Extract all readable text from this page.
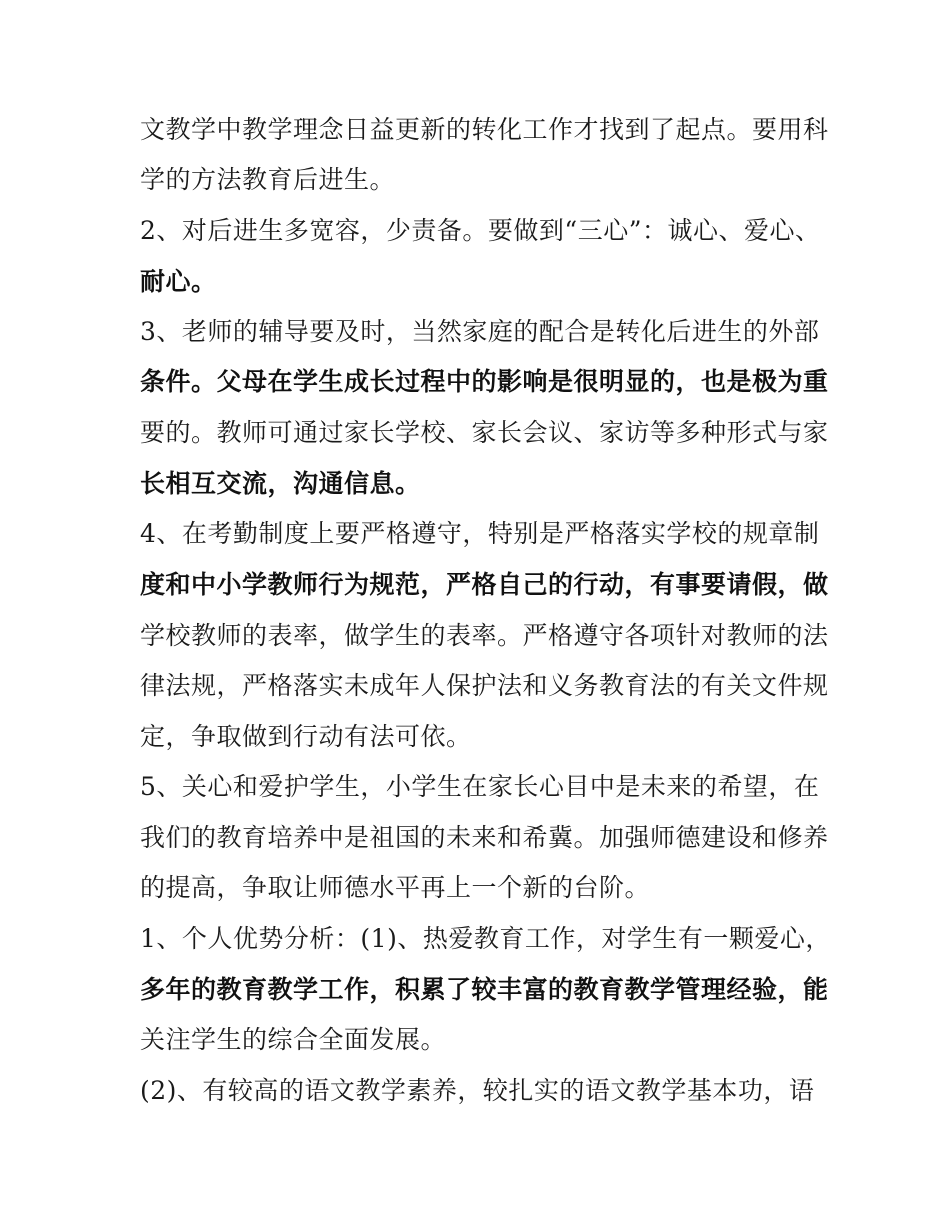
文教学中教学理念日益更新的转化工作才找到了起点。要用科
学的方法教育后进生。
2、对后进生多宽容，少责备。要做到“三心”：诚心、爱心、
耐心。
3、老师的辅导要及时，当然家庭的配合是转化后进生的外部
条件。父母在学生成长过程中的影响是很明显的，也是极为重
要的。教师可通过家长学校、家长会议、家访等多种形式与家
长相互交流，沟通信息。
4、在考勤制度上要严格遵守，特别是严格落实学校的规章制
度和中小学教师行为规范，严格自己的行动，有事要请假，做
学校教师的表率，做学生的表率。严格遵守各项针对教师的法
律法规，严格落实未成年人保护法和义务教育法的有关文件规
定，争取做到行动有法可依。
5、关心和爱护学生，小学生在家长心目中是未来的希望，在
我们的教育培养中是祖国的未来和希冀。加强师德建设和修养
的提高，争取让师德水平再上一个新的台阶。
1、个人优势分析：(1)、热爱教育工作，对学生有一颗爱心，
多年的教育教学工作，积累了较丰富的教育教学管理经验，能
关注学生的综合全面发展。
(2)、有较高的语文教学素养，较扎实的语文教学基本功，语
